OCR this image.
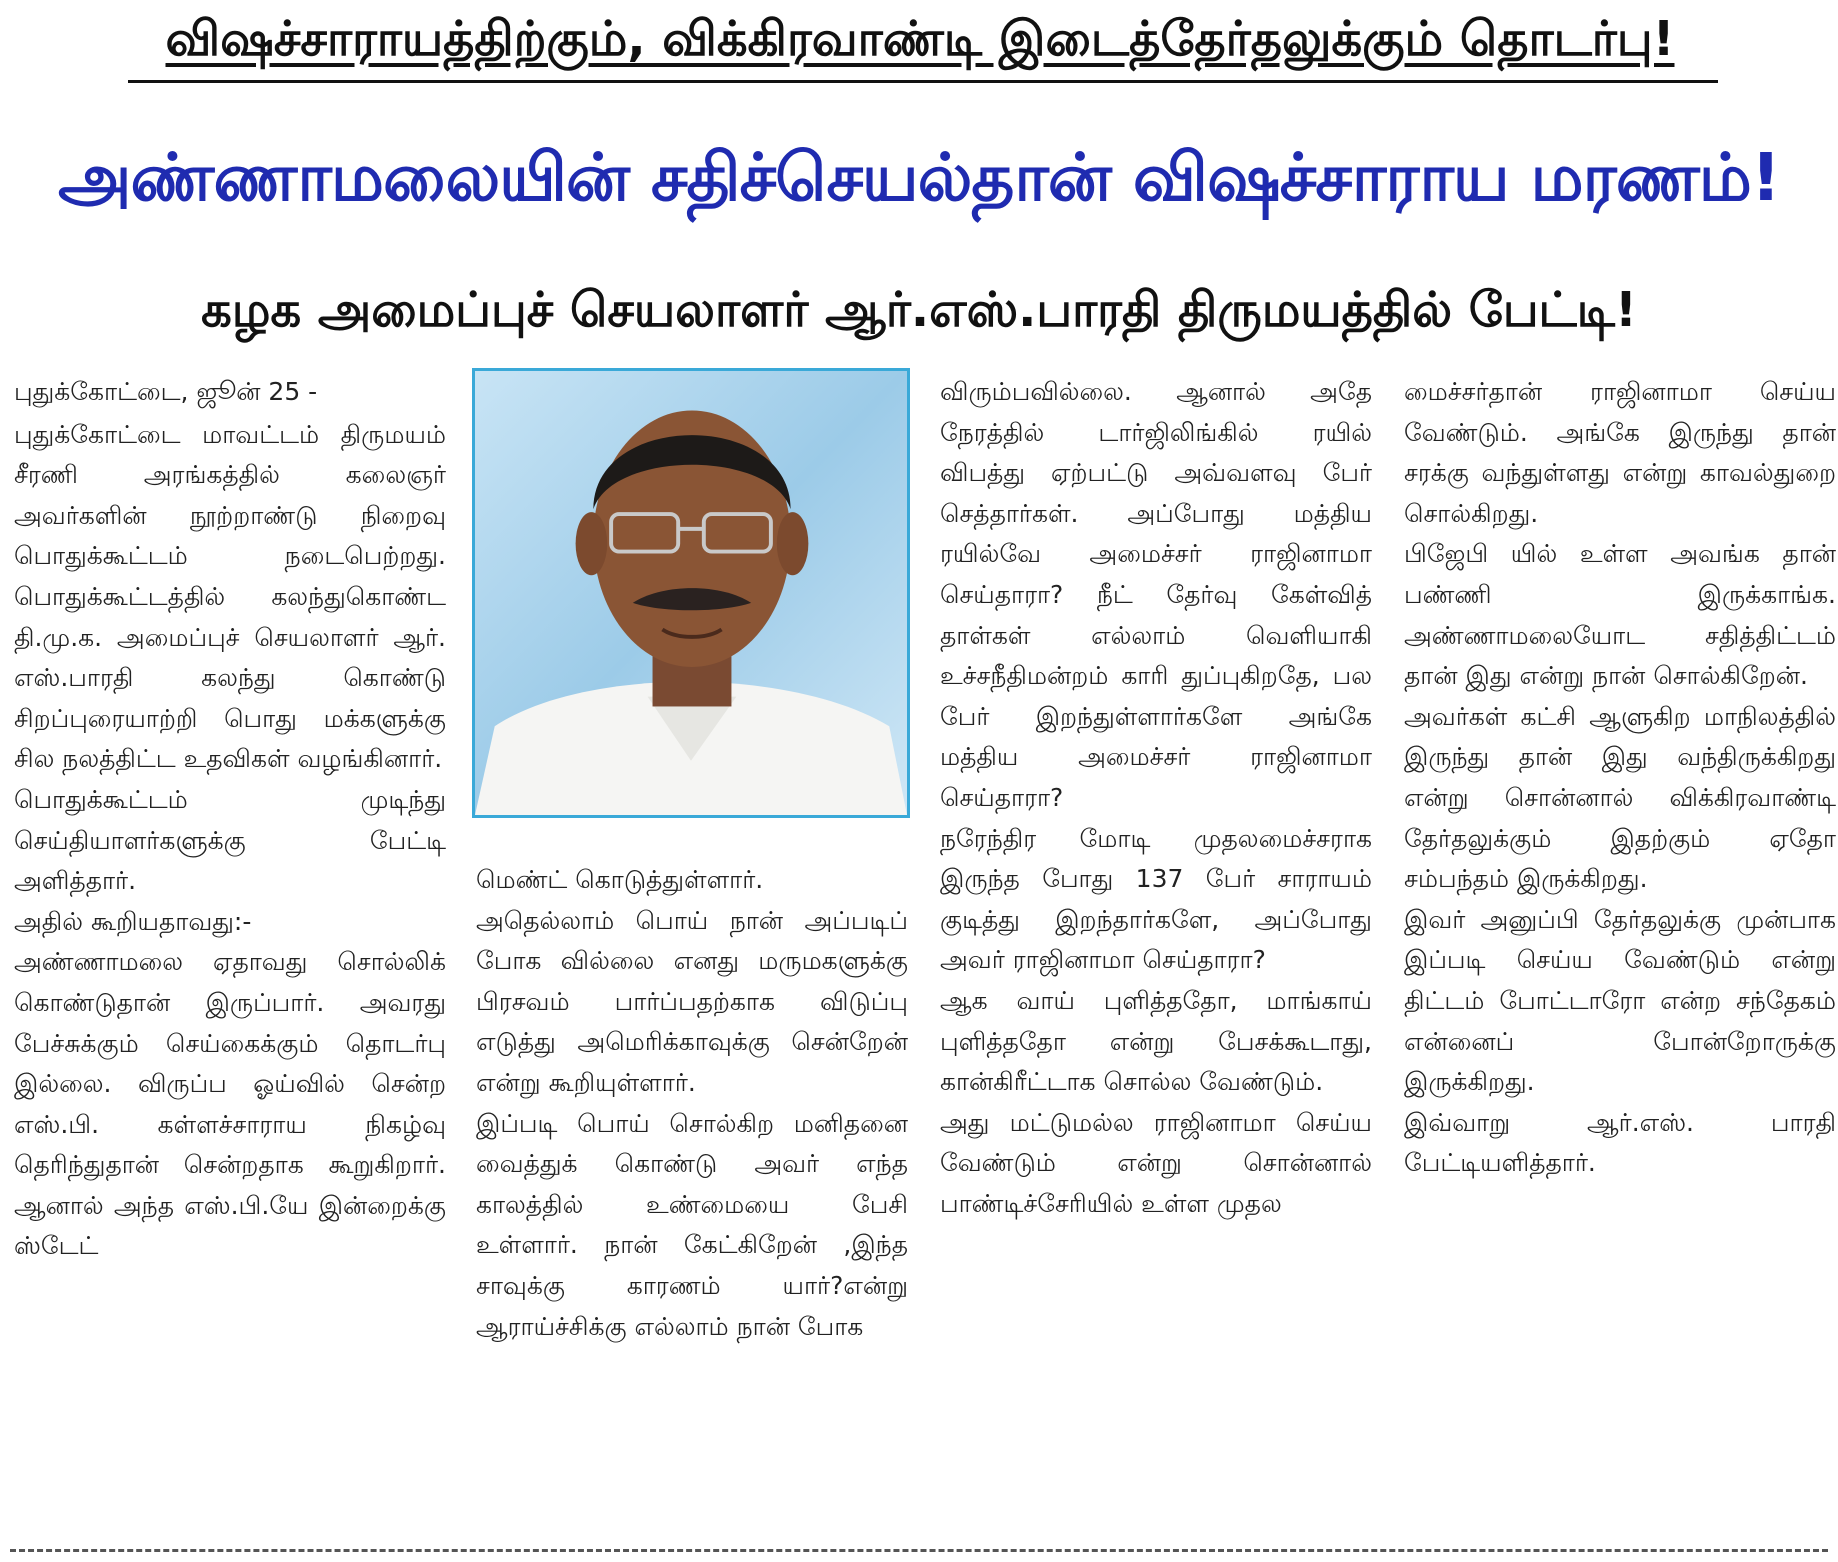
விஷச்சாராயத்திற்கும், விக்கிரவாண்டி இடைத்தேர்தலுக்கும் தொடர்பு!
அண்ணாமலையின் சதிச்செயல்தான் விஷச்சாராய மரணம்!
கழக அமைப்புச் செயலாளர் ஆர்.எஸ்.பாரதி திருமயத்தில் பேட்டி!

புதுக்கோட்டை, ஜூன் 25 -

புதுக்கோட்டை மாவட்டம் திருமயம் சீரணி அரங்கத்தில் கலைஞர் அவர்களின் நூற்றாண்டு நிறைவு பொதுக்கூட்டம் நடைபெற்றது. பொதுக்கூட்டத்தில் கலந்துகொண்ட தி.மு.க. அமைப்புச் செயலாளர் ஆர். எஸ்.பாரதி கலந்து கொண்டு சிறப்புரையாற்றி பொது மக்களுக்கு சில நலத்திட்ட உதவிகள் வழங்கினார்.

பொதுக்கூட்டம் முடிந்து செய்தியாளர்களுக்கு பேட்டி அளித்தார்.

அதில் கூறியதாவது:-

அண்ணாமலை ஏதாவது சொல்லிக் கொண்டுதான் இருப்பார். அவரது பேச்சுக்கும் செய்கைக்கும் தொடர்பு இல்லை. விருப்ப ஓய்வில் சென்ற எஸ்.பி. கள்ளச்சாராய நிகழ்வு தெரிந்துதான் சென்றதாக கூறுகிறார். ஆனால் அந்த எஸ்.பி.யே இன்றைக்கு ஸ்டேட்

மெண்ட் கொடுத்துள்ளார்.

அதெல்லாம் பொய் நான் அப்படிப் போக வில்லை எனது மருமகளுக்கு பிரசவம் பார்ப்பதற்காக விடுப்பு எடுத்து அமெரிக்காவுக்கு சென்றேன் என்று கூறியுள்ளார்.

இப்படி பொய் சொல்கிற மனிதனை வைத்துக் கொண்டு அவர் எந்த காலத்தில் உண்மையை பேசி உள்ளார். நான் கேட்கிறேன் ,இந்த சாவுக்கு காரணம் யார்?என்று ஆராய்ச்சிக்கு எல்லாம் நான் போக

விரும்பவில்லை. ஆனால் அதே நேரத்தில் டார்ஜிலிங்கில் ரயில் விபத்து ஏற்பட்டு அவ்வளவு பேர் செத்தார்கள். அப்போது மத்திய ரயில்வே அமைச்சர் ராஜினாமா செய்தாரா? நீட் தேர்வு கேள்வித் தாள்கள் எல்லாம் வெளியாகி உச்சநீதிமன்றம் காரி துப்புகிறதே, பல பேர் இறந்துள்ளார்களே அங்கே மத்திய அமைச்சர் ராஜினாமா செய்தாரா?

நரேந்திர மோடி முதலமைச்சராக இருந்த போது 137 பேர் சாராயம் குடித்து இறந்தார்களே, அப்போது அவர் ராஜினாமா செய்தாரா?

ஆக வாய் புளித்ததோ, மாங்காய் புளித்ததோ என்று பேசக்கூடாது, கான்கிரீட்டாக சொல்ல வேண்டும்.

அது மட்டுமல்ல ராஜினாமா செய்ய வேண்டும் என்று சொன்னால் பாண்டிச்சேரியில் உள்ள முதல

மைச்சர்தான் ராஜினாமா செய்ய வேண்டும். அங்கே இருந்து தான் சரக்கு வந்துள்ளது என்று காவல்துறை சொல்கிறது.

பிஜேபி யில் உள்ள அவங்க தான் பண்ணி இருக்காங்க. அண்ணாமலையோட சதித்திட்டம் தான் இது என்று நான் சொல்கிறேன்.

அவர்கள் கட்சி ஆளுகிற மாநிலத்தில் இருந்து தான் இது வந்திருக்கிறது என்று சொன்னால் விக்கிரவாண்டி தேர்தலுக்கும் இதற்கும் ஏதோ சம்பந்தம் இருக்கிறது.

இவர் அனுப்பி தேர்தலுக்கு முன்பாக இப்படி செய்ய வேண்டும் என்று திட்டம் போட்டாரோ என்ற சந்தேகம் என்னைப் போன்றோருக்கு இருக்கிறது.

இவ்வாறு ஆர்.எஸ். பாரதி பேட்டியளித்தார்.
